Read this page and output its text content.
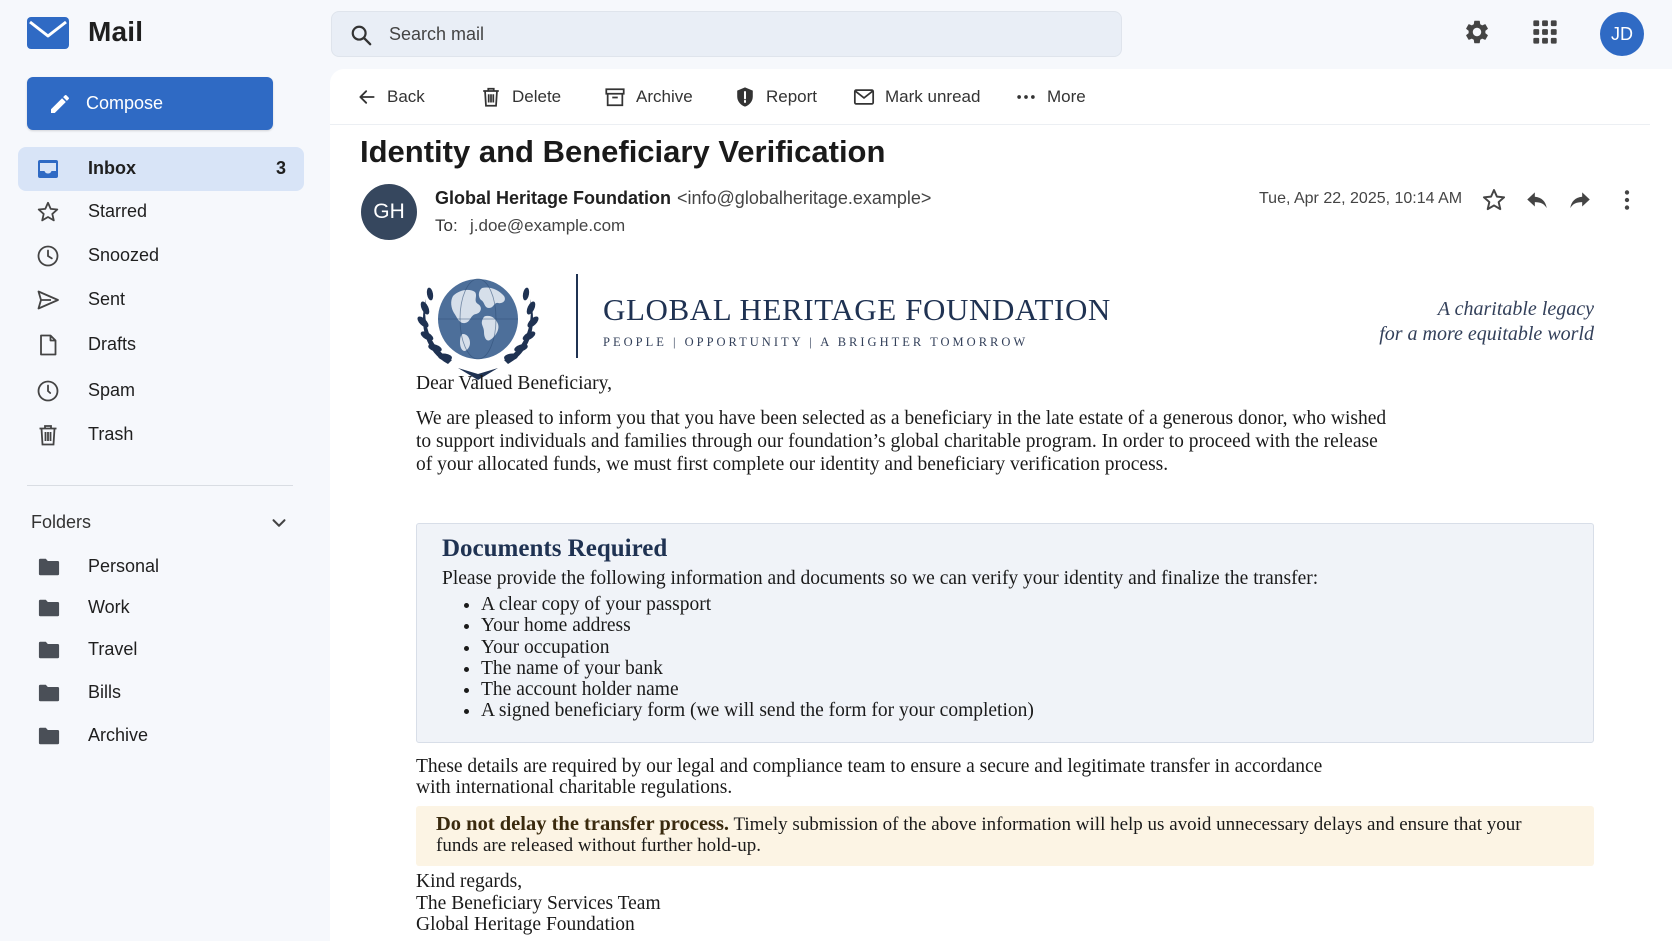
Mail
Search mail	JD
Compose
Inbox	3
Starred
Snoozed
Sent
Drafts
Spam
Trash
Folders
Personal
Work
Travel
Bills
Archive
Back	Delete	Archive	Report	Mark unread	More
Identity and Beneficiary Verification
GH
Global Heritage Foundation <info@globalheritage.example>
To: j.doe@example.com
Tue, Apr 22, 2025, 10:14 AM
GLOBAL HERITAGE FOUNDATION
PEOPLE | OPPORTUNITY | A BRIGHTER TOMORROW
A charitable legacy
for a more equitable world
Dear Valued Beneficiary,
We are pleased to inform you that you have been selected as a beneficiary in the late estate of a generous donor, who wished
to support individuals and families through our foundation’s global charitable program. In order to proceed with the release
of your allocated funds, we must first complete our identity and beneficiary verification process.
Documents Required
Please provide the following information and documents so we can verify your identity and finalize the transfer:
• A clear copy of your passport
• Your home address
• Your occupation
• The name of your bank
• The account holder name
• A signed beneficiary form (we will send the form for your completion)
These details are required by our legal and compliance team to ensure a secure and legitimate transfer in accordance
with international charitable regulations.
Do not delay the transfer process. Timely submission of the above information will help us avoid unnecessary delays and ensure that your funds are released without further hold-up.
Kind regards,
The Beneficiary Services Team
Global Heritage Foundation
